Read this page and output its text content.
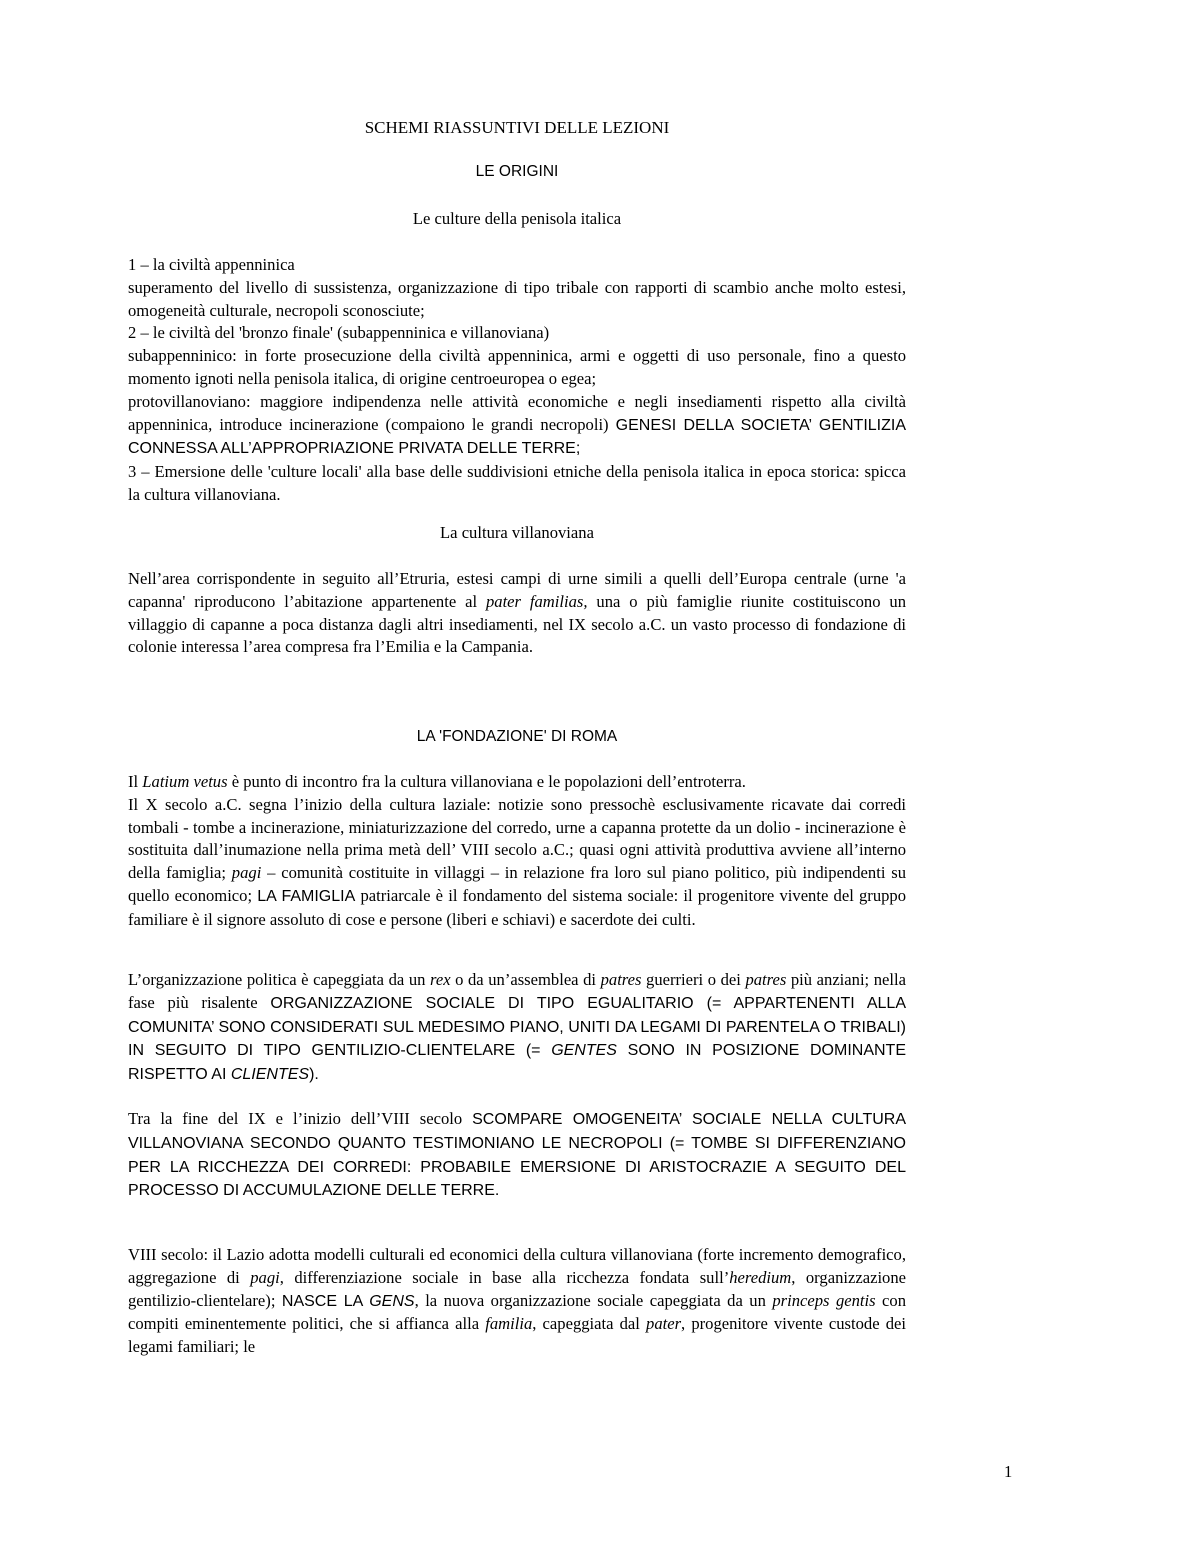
SCHEMI RIASSUNTIVI DELLE LEZIONI
LE ORIGINI
Le culture della penisola italica

1 – la civiltà appenninica

superamento del livello di sussistenza, organizzazione di tipo tribale con rapporti di scambio anche molto estesi, omogeneità culturale, necropoli sconosciute;

2 – le civiltà del 'bronzo finale' (subappenninica e villanoviana)

subappenninico: in forte prosecuzione della civiltà appenninica, armi e oggetti di uso personale, fino a questo momento ignoti nella penisola italica, di origine centroeuropea o egea;

protovillanoviano: maggiore indipendenza nelle attività economiche e negli insediamenti rispetto alla civiltà appenninica, introduce incinerazione (compaiono le grandi necropoli) GENESI DELLA SOCIETA’ GENTILIZIA CONNESSA ALL’APPROPRIAZIONE PRIVATA DELLE TERRE;

3 – Emersione delle 'culture locali' alla base delle suddivisioni etniche della penisola italica in epoca storica: spicca la cultura villanoviana.

La cultura villanoviana

Nell’area corrispondente in seguito all’Etruria, estesi campi di urne simili a quelli dell’Europa centrale (urne 'a capanna' riproducono l’abitazione appartenente al pater familias, una o più famiglie riunite costituiscono un villaggio di capanne a poca distanza dagli altri insediamenti, nel IX secolo a.C. un vasto processo di fondazione di colonie interessa l’area compresa fra l’Emilia e la Campania.

LA 'FONDAZIONE' DI ROMA

Il Latium vetus è punto di incontro fra la cultura villanoviana e le popolazioni dell’entroterra.

Il X secolo a.C. segna l’inizio della cultura laziale: notizie sono pressochè esclusivamente ricavate dai corredi tombali - tombe a incinerazione, miniaturizzazione del corredo, urne a capanna protette da un dolio - incinerazione è sostituita dall’inumazione nella prima metà dell’ VIII secolo a.C.; quasi ogni attività produttiva avviene all’interno della famiglia; pagi – comunità costituite in villaggi – in relazione fra loro sul piano politico, più indipendenti su quello economico; LA FAMIGLIA patriarcale è il fondamento del sistema sociale: il progenitore vivente del gruppo familiare è il signore assoluto di cose e persone (liberi e schiavi) e sacerdote dei culti.

L’organizzazione politica è capeggiata da un rex o da un’assemblea di patres guerrieri o dei patres più anziani; nella fase più risalente ORGANIZZAZIONE SOCIALE DI TIPO EGUALITARIO (= APPARTENENTI ALLA COMUNITA’ SONO CONSIDERATI SUL MEDESIMO PIANO, UNITI DA LEGAMI DI PARENTELA O TRIBALI) IN SEGUITO DI TIPO GENTILIZIO-CLIENTELARE (= GENTES SONO IN POSIZIONE DOMINANTE RISPETTO AI CLIENTES).

Tra la fine del IX e l’inizio dell’VIII secolo SCOMPARE OMOGENEITA’ SOCIALE NELLA CULTURA VILLANOVIANA SECONDO QUANTO TESTIMONIANO LE NECROPOLI (= TOMBE SI DIFFERENZIANO PER LA RICCHEZZA DEI CORREDI: PROBABILE EMERSIONE DI ARISTOCRAZIE A SEGUITO DEL PROCESSO DI ACCUMULAZIONE DELLE TERRE.

VIII secolo: il Lazio adotta modelli culturali ed economici della cultura villanoviana (forte incremento demografico, aggregazione di pagi, differenziazione sociale in base alla ricchezza fondata sull’heredium, organizzazione gentilizio-clientelare); NASCE LA GENS, la nuova organizzazione sociale capeggiata da un princeps gentis con compiti eminentemente politici, che si affianca alla familia, capeggiata dal pater, progenitore vivente custode dei legami familiari; le

1
